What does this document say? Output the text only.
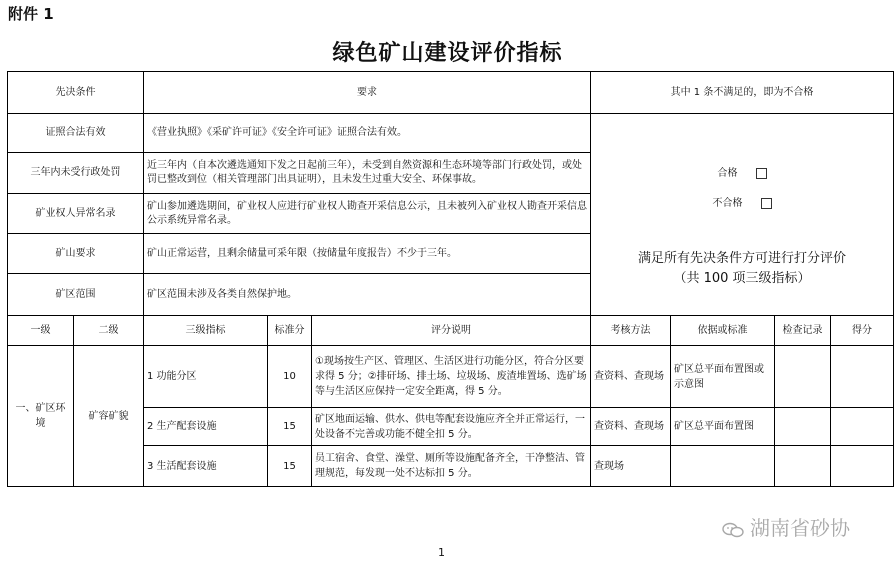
附件 1
绿色矿山建设评价指标
先决条件	要求	其中 1 条不满足的，即为不合格
证照合法有效	《营业执照》《采矿许可证》《安全许可证》证照合法有效。	合格
不合格
满足所有先决条件方可进行打分评价
（共 100 项三级指标）

三年内未受行政处罚	近三年内（自本次遴选通知下发之日起前三年），未受到自然资源和生态环境等部门行政处罚，或处罚已整改到位（相关管理部门出具证明），且未发生过重大安全、环保事故。	
矿业权人异常名录	矿山参加遴选期间，矿业权人应进行矿业权人勘查开采信息公示，且未被列入矿业权人勘查开采信息公示系统异常名录。	
矿山要求	矿山正常运营，且剩余储量可采年限（按储量年度报告）不少于三年。	
矿区范围	矿区范围未涉及各类自然保护地。	
一级	二级	三级指标	标准分	评分说明	考核方法	依据或标准	检查记录	得分
一、矿区环境	矿容矿貌	1 功能分区	10	①现场按生产区、管理区、生活区进行功能分区，符合分区要求得 5 分；②排矸场、排土场、垃圾场、废渣堆置场、选矿场等与生活区应保持一定安全距离，得 5 分。	查资料、查现场	矿区总平面布置图或示意图		
		2 生产配套设施	15	矿区地面运输、供水、供电等配套设施应齐全并正常运行，一处设备不完善或功能不健全扣 5 分。	查资料、查现场	矿区总平面布置图		
		3 生活配套设施	15	员工宿舍、食堂、澡堂、厕所等设施配备齐全，干净整洁、管理规范，每发现一处不达标扣 5 分。	查现场			
湖南省砂协
1
